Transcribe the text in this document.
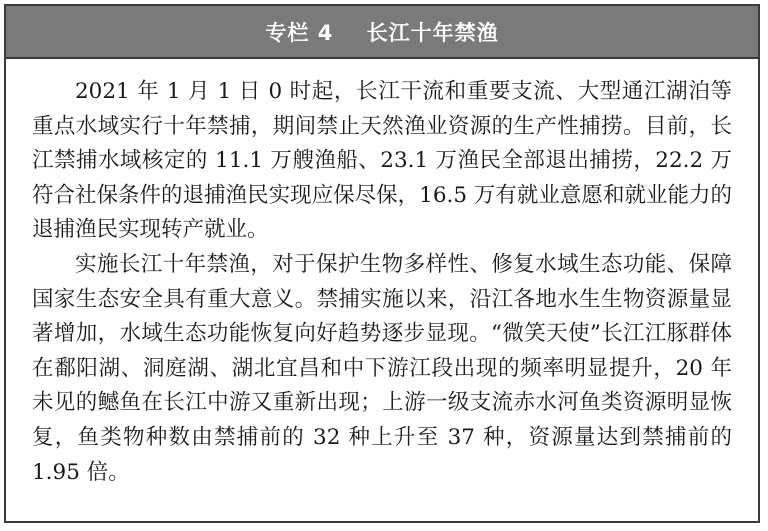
专栏 4    长江十年禁渔

2021 年 1 月 1 日 0 时起，长江干流和重要支流、大型通江湖泊等重点水域实行十年禁捕，期间禁止天然渔业资源的生产性捕捞。目前，长江禁捕水域核定的 11.1 万艘渔船、23.1 万渔民全部退出捕捞，22.2 万符合社保条件的退捕渔民实现应保尽保，16.5 万有就业意愿和就业能力的退捕渔民实现转产就业。

实施长江十年禁渔，对于保护生物多样性、修复水域生态功能、保障国家生态安全具有重大意义。禁捕实施以来，沿江各地水生生物资源量显著增加，水域生态功能恢复向好趋势逐步显现。“微笑天使”长江江豚群体在鄱阳湖、洞庭湖、湖北宜昌和中下游江段出现的频率明显提升，20 年未见的鳡鱼在长江中游又重新出现；上游一级支流赤水河鱼类资源明显恢复，鱼类物种数由禁捕前的 32 种上升至 37 种，资源量达到禁捕前的 1.95 倍。
